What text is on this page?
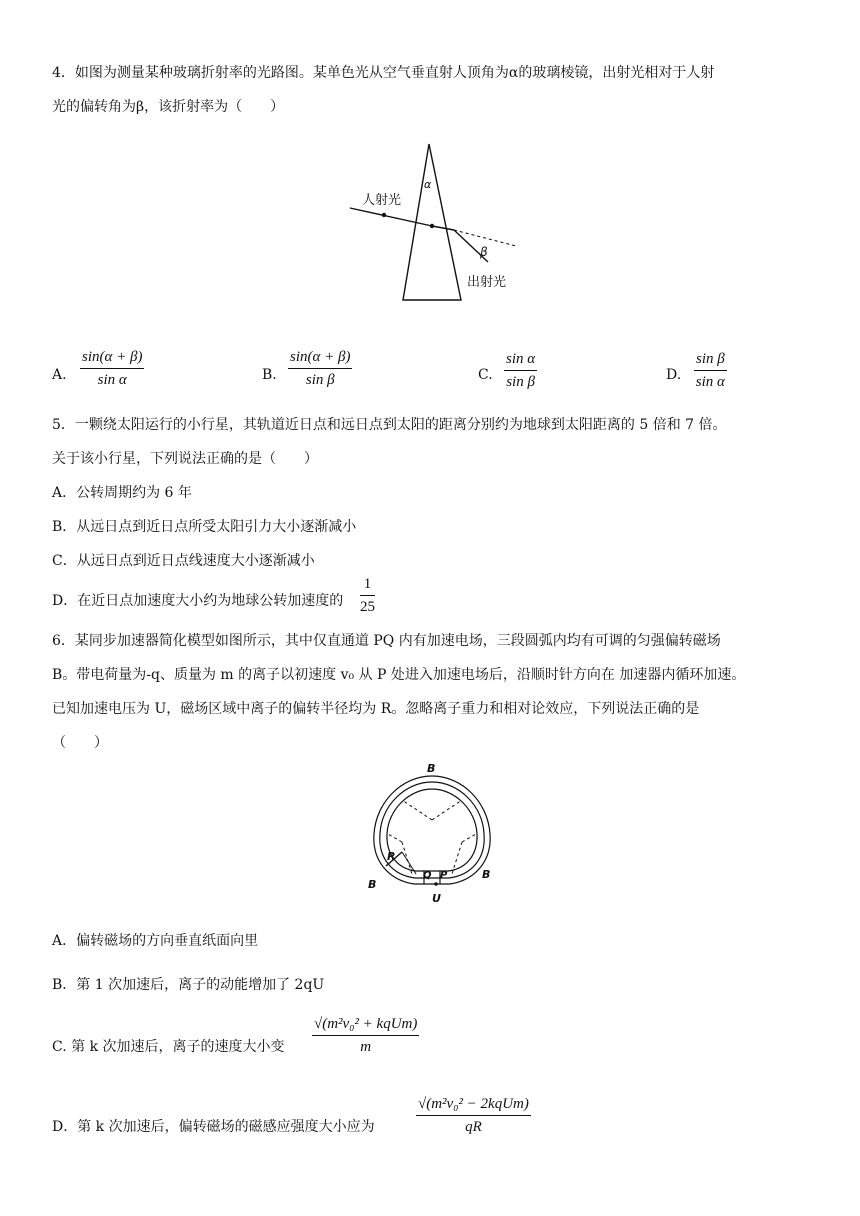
4．如图为测量某种玻璃折射率的光路图。某单色光从空气垂直射人顶角为α的玻璃棱镜，出射光相对于人射
光的偏转角为β，该折射率为（　　）
人射光
α
β
出射光
A. $\frac{\sin(\alpha + \beta)}{\text{sin α}}$	B. $\frac{\sin(\alpha + \beta)}{\text{sin β}}$	C. $\frac{\text{sin α}}{\text{sin β}}$	D. $\frac{\text{sin β}}{\text{sin α}}$
5．一颗绕太阳运行的小行星，其轨道近日点和远日点到太阳的距离分别约为地球到太阳距离的 5 倍和 7 倍。
关于该小行星，下列说法正确的是（　　）
A．公转周期约为 6 年
B．从远日点到近日点所受太阳引力大小逐渐减小
C．从远日点到近日点线速度大小逐渐减小
D．在近日点加速度大小约为地球公转加速度的 $\frac{1}{25}$
6．某同步加速器简化模型如图所示，其中仅直通道 PQ 内有加速电场，三段圆弧内均有可调的匀强偏转磁场
B。带电荷量为-q、质量为 m 的离子以初速度 v₀ 从 P 处进入加速电场后，沿顺时针方向在 加速器内循环加速。
已知加速电压为 U，磁场区域中离子的偏转半径均为 R。忽略离子重力和相对论效应，下列说法正确的是
（　　）
B
B
B
R
Q P
U
A．偏转磁场的方向垂直纸面向里
B．第 1 次加速后，离子的动能增加了 2qU
C. 第 k 次加速后，离子的速度大小变
√(m²v₀² + kqUm)
m
D．第 k 次加速后，偏转磁场的磁感应强度大小应为
√(m²v₀² − 2kqUm)
qR
